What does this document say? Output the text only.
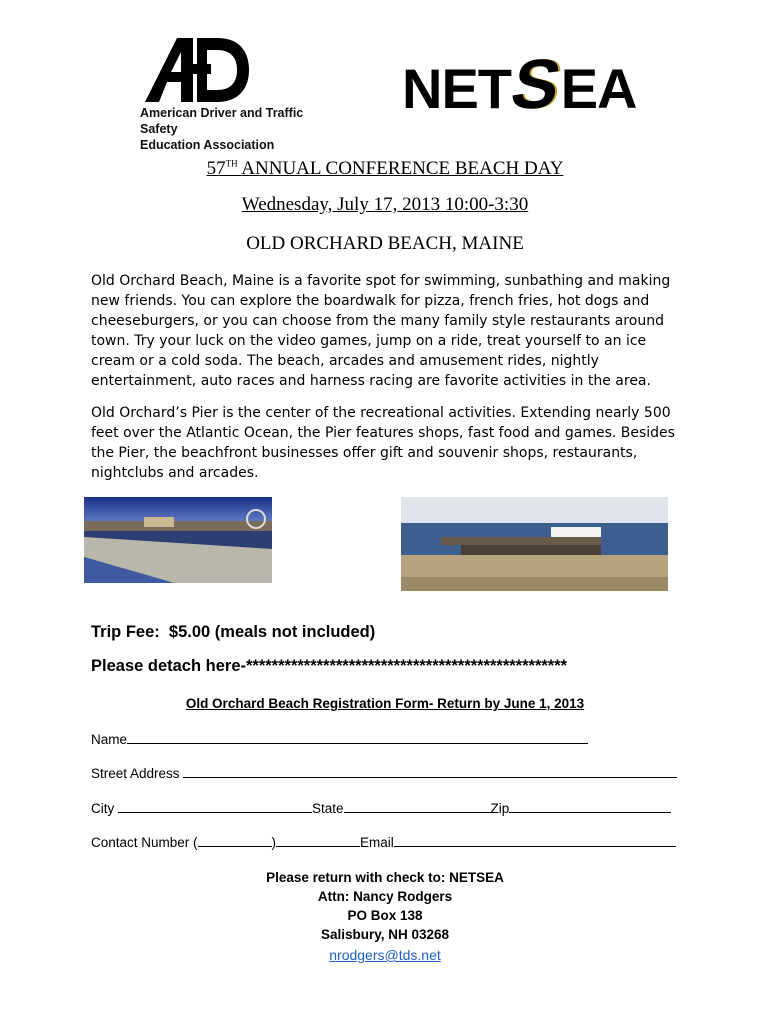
American Driver and Traffic Safety
Education Association
NETSEA
57TH ANNUAL CONFERENCE BEACH DAY
Wednesday, July 17, 2013 10:00-3:30
OLD ORCHARD BEACH, MAINE

Old Orchard Beach, Maine is a favorite spot for swimming, sunbathing and making new friends. You can explore the boardwalk for pizza, french fries, hot dogs and cheeseburgers, or you can choose from the many family style restaurants around town. Try your luck on the video games, jump on a ride, treat yourself to an ice cream or a cold soda. The beach, arcades and amusement rides, nightly entertainment, auto races and harness racing are favorite activities in the area.

Old Orchard’s Pier is the center of the recreational activities. Extending nearly 500 feet over the Atlantic Ocean, the Pier features shops, fast food and games. Besides the Pier, the beachfront businesses offer gift and souvenir shops, restaurants, nightclubs and arcades.

Trip Fee:  $5.00 (meals not included)
Please detach here-**************************************************
Old Orchard Beach Registration Form- Return by June 1, 2013
Name
Street Address
City	State	Zip
Contact Number (	)	Email
Please return with check to: NETSEA
Attn: Nancy Rodgers
PO Box 138
Salisbury, NH 03268
nrodgers@tds.net
